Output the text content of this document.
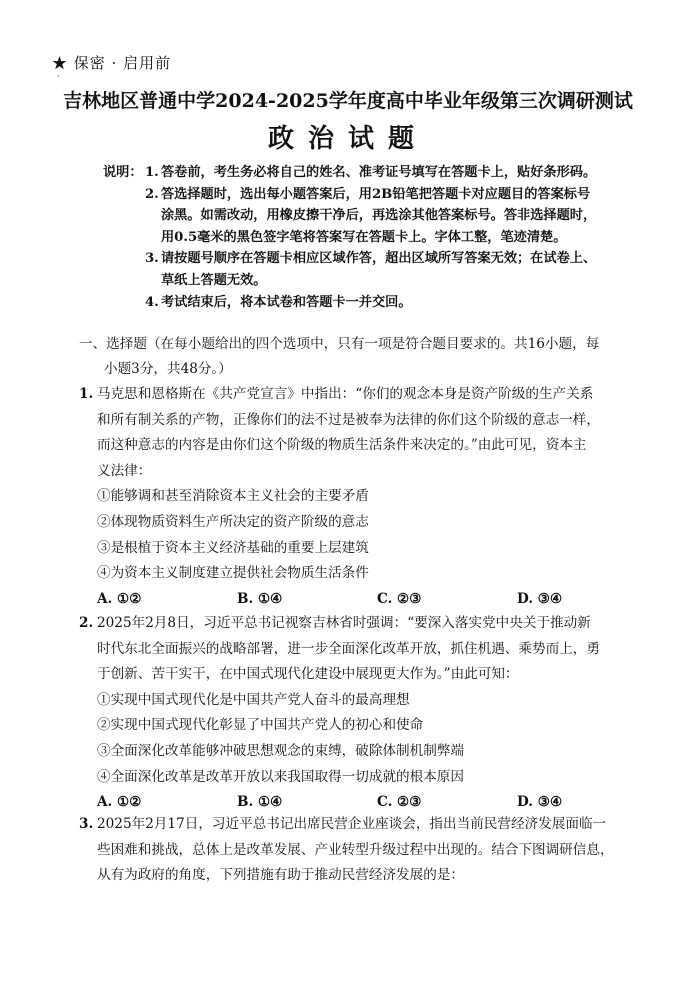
★ 保密 · 启用前
·
吉林地区普通中学2024-2025学年度高中毕业年级第三次调研测试
政治试题
说明： 1. 答卷前，考生务必将自己的姓名、准考证号填写在答题卡上，贴好条形码。
2. 答选择题时，选出每小题答案后，用2B铅笔把答题卡对应题目的答案标号
涂黑。如需改动，用橡皮擦干净后，再选涂其他答案标号。答非选择题时，
用0.5毫米的黑色签字笔将答案写在答题卡上。字体工整，笔迹清楚。
3. 请按题号顺序在答题卡相应区域作答，超出区域所写答案无效；在试卷上、
草纸上答题无效。
4. 考试结束后，将本试卷和答题卡一并交回。
一、选择题（在每小题给出的四个选项中，只有一项是符合题目要求的。共16小题，每
小题3分，共48分。）
1. 马克思和恩格斯在《共产党宣言》中指出：“你们的观念本身是资产阶级的生产关系
和所有制关系的产物，正像你们的法不过是被奉为法律的你们这个阶级的意志一样，
而这种意志的内容是由你们这个阶级的物质生活条件来决定的。”由此可见，资本主
义法律：
①能够调和甚至消除资本主义社会的主要矛盾
②体现物质资料生产所决定的资产阶级的意志
③是根植于资本主义经济基础的重要上层建筑
④为资本主义制度建立提供社会物质生活条件
A. ①②	B. ①④	C. ②③	D. ③④
2. 2025年2月8日，习近平总书记视察吉林省时强调：“要深入落实党中央关于推动新
时代东北全面振兴的战略部署，进一步全面深化改革开放，抓住机遇、乘势而上，勇
于创新、苦干实干，在中国式现代化建设中展现更大作为。”由此可知：
①实现中国式现代化是中国共产党人奋斗的最高理想
②实现中国式现代化彰显了中国共产党人的初心和使命
③全面深化改革能够冲破思想观念的束缚，破除体制机制弊端
④全面深化改革是改革开放以来我国取得一切成就的根本原因
A. ①②	B. ①④	C. ②③	D. ③④
3. 2025年2月17日，习近平总书记出席民营企业座谈会，指出当前民营经济发展面临一
些困难和挑战，总体上是改革发展、产业转型升级过程中出现的。结合下图调研信息，
从有为政府的角度，下列措施有助于推动民营经济发展的是：
